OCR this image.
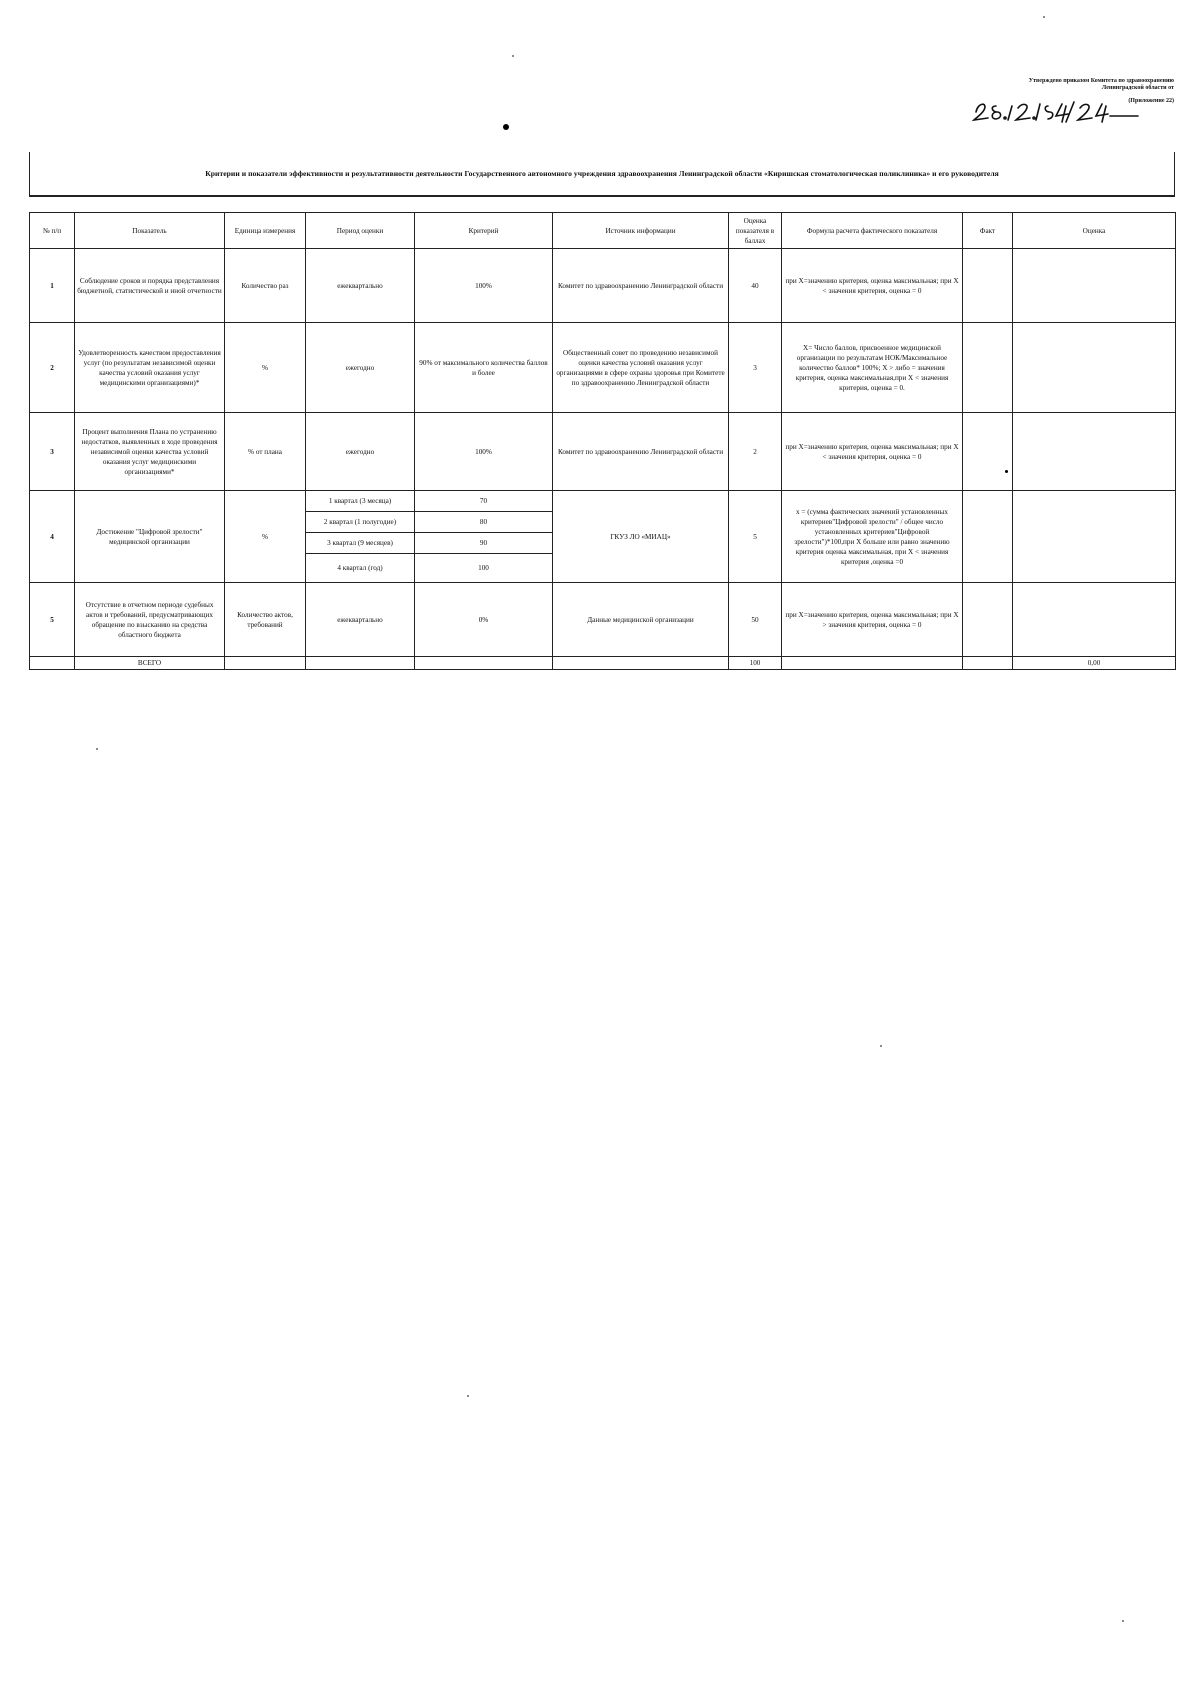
Утверждено приказом Комитета по здравоохранению Ленинградской области от
(Приложение 22)
Критерии и показатели эффективности и результативности деятельности Государственного автономного учреждения здравоохранения Ленинградской области «Киришская стоматологическая поликлиника» и его руководителя
№ п/п	Показатель	Единица измерения	Период оценки	Критерий	Источник информации	Оценка показателя в баллах	Формула расчета фактического показателя	Факт	Оценка
1	Соблюдение сроков и порядка представления бюджетной, статистической и иной отчетности	Количество раз	ежеквартально	100%	Комитет по здравоохранению Ленинградской области	40	при Х=значению критерия, оценка максимальная; при Х < значения критерия, оценка = 0		
2	Удовлетворенность качеством предоставления услуг (по результатам независимой оценки качества условий оказания услуг медицинскими организациями)*	%	ежегодно	90% от максимального количества баллов и более	Общественный совет по проведению независимой оценки качества условий оказания услуг организациями в сфере охраны здоровья при Комитете по здравоохранению Ленинградской области	3	Х= Число баллов, присвоенное медицинской организации по результатам НОК/Максимальное количество баллов* 100%; Х > либо = значения критерия, оценка максимальная,при Х < значения критерия, оценка = 0.		
3	Процент выполнения Плана по устранению недостатков, выявленных в ходе проведения независимой оценки качества условий оказания услуг медицинскими организациями*	% от плана	ежегодно	100%	Комитет по здравоохранению Ленинградской области	2	при Х=значению критерия, оценка максимальная; при Х < значения критерия, оценка = 0		
4	Достижение "Цифровой зрелости" медицинской организации	%	1 квартал (3 месяца)	70	ГКУЗ ЛО «МИАЦ»	5	х = (сумма фактических значений установленных критериев"Цифровой зрелости" / общее число установленных критериев"Цифровой зрелости")*100,при Х больше или равно значению критерия оценка максимальная, при Х < значения критерия ,оценка =0		
			2 квартал (1 полугодие)	80					
			3 квартал (9 месяцев)	90					
			4 квартал (год)	100					
5	Отсутствие в отчетном периоде судебных актов и требований, предусматривающих обращение по взысканию на средства областного бюджета	Количество актов, требований	ежеквартально	0%	Данные медицинской организации	50	при Х=значению критерия, оценка максимальная; при Х > значения критерия, оценка = 0		
	ВСЕГО					100			0,00
